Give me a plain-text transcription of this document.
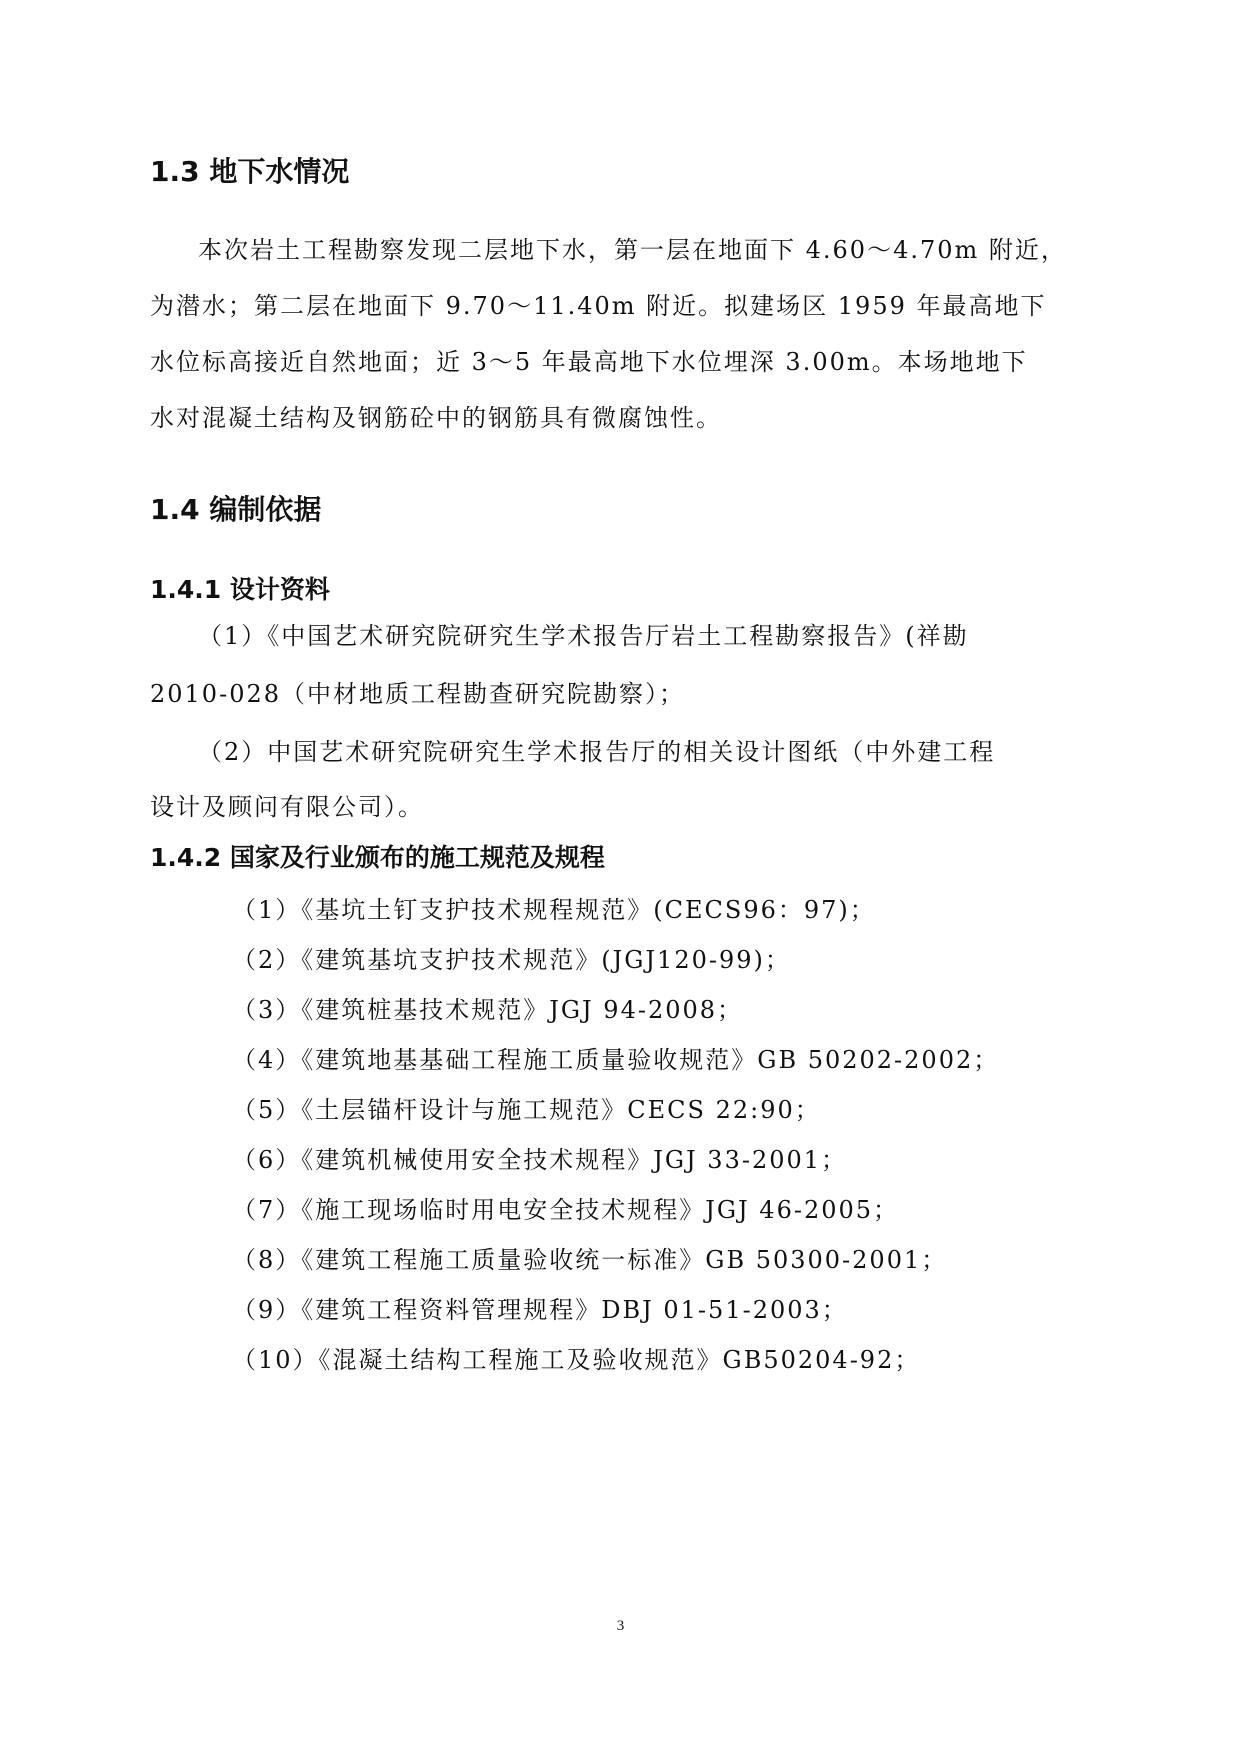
1.3 地下水情况
本次岩土工程勘察发现二层地下水，第一层在地面下 4.60～4.70m 附近，
为潜水；第二层在地面下 9.70～11.40m 附近。拟建场区 1959 年最高地下
水位标高接近自然地面；近 3～5 年最高地下水位埋深 3.00m。本场地地下
水对混凝土结构及钢筋砼中的钢筋具有微腐蚀性。
1.4 编制依据
1.4.1 设计资料
（1）《中国艺术研究院研究生学术报告厅岩土工程勘察报告》(祥勘
2010-028（中材地质工程勘查研究院勘察）；
（2）中国艺术研究院研究生学术报告厅的相关设计图纸（中外建工程
设计及顾问有限公司）。
1.4.2 国家及行业颁布的施工规范及规程
（1）《基坑土钉支护技术规程规范》(CECS96：97)；
（2）《建筑基坑支护技术规范》(JGJ120-99)；
（3）《建筑桩基技术规范》JGJ 94-2008；
（4）《建筑地基基础工程施工质量验收规范》GB 50202-2002；
（5）《土层锚杆设计与施工规范》CECS 22:90；
（6）《建筑机械使用安全技术规程》JGJ 33-2001；
（7）《施工现场临时用电安全技术规程》JGJ 46-2005；
（8）《建筑工程施工质量验收统一标准》GB 50300-2001；
（9）《建筑工程资料管理规程》DBJ 01-51-2003；
（10）《混凝土结构工程施工及验收规范》GB50204-92；
3
